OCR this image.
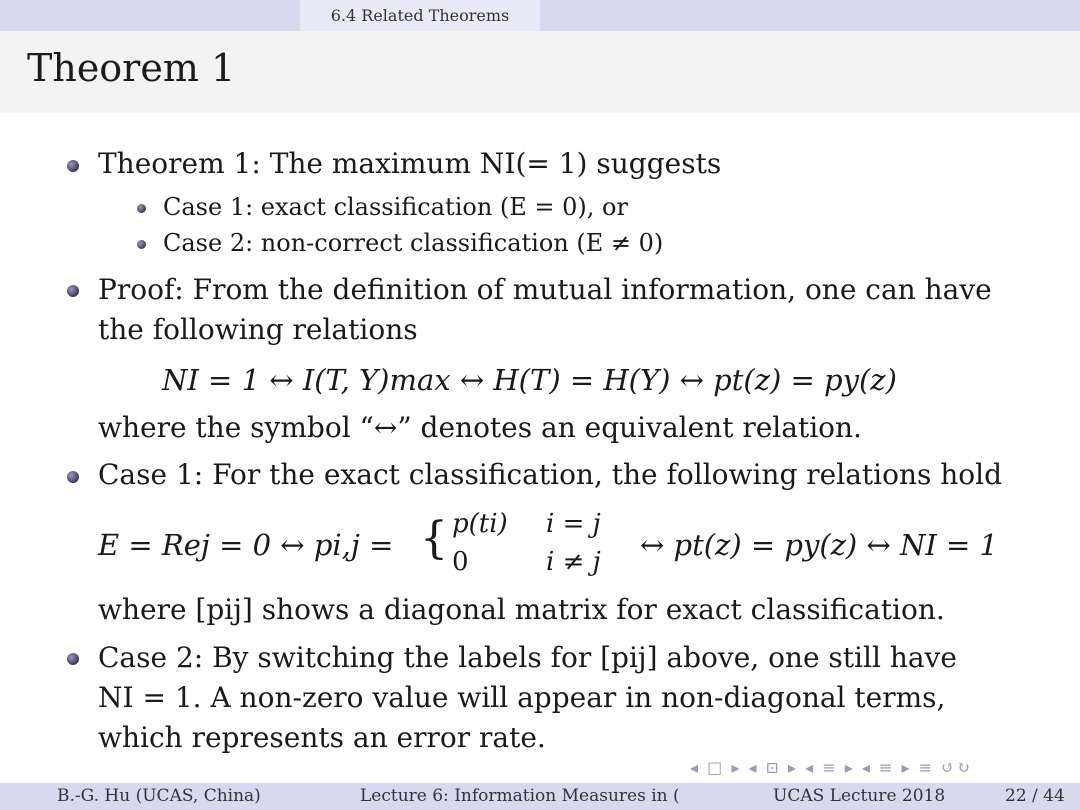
6.4 Related Theorems
Theorem 1
Theorem 1: The maximum NI(= 1) suggests
Case 1: exact classification (E = 0), or
Case 2: non-correct classification (E ≠ 0)
Proof: From the definition of mutual information, one can have
the following relations
NI = 1 ↔ I(T, Y)max ↔ H(T) = H(Y) ↔ pt(z) = py(z)
where the symbol “↔” denotes an equivalent relation.
Case 1: For the exact classification, the following relations hold
E = Rej = 0 ↔ pi,j = { p(ti) i = j
0	i ≠ j ↔ pt(z) = py(z) ↔ NI = 1
where [pij] shows a diagonal matrix for exact classification.
Case 2: By switching the labels for [pij] above, one still have
NI = 1. A non-zero value will appear in non-diagonal terms,
which represents an error rate.
◂ □ ▸ ◂ ⊡ ▸ ◂ ≡ ▸ ◂ ≡ ▸ ≡ ↺↻
B.-G. Hu (UCAS, China)	Lecture 6: Information Measures in (	UCAS Lecture 2018	22 / 44
